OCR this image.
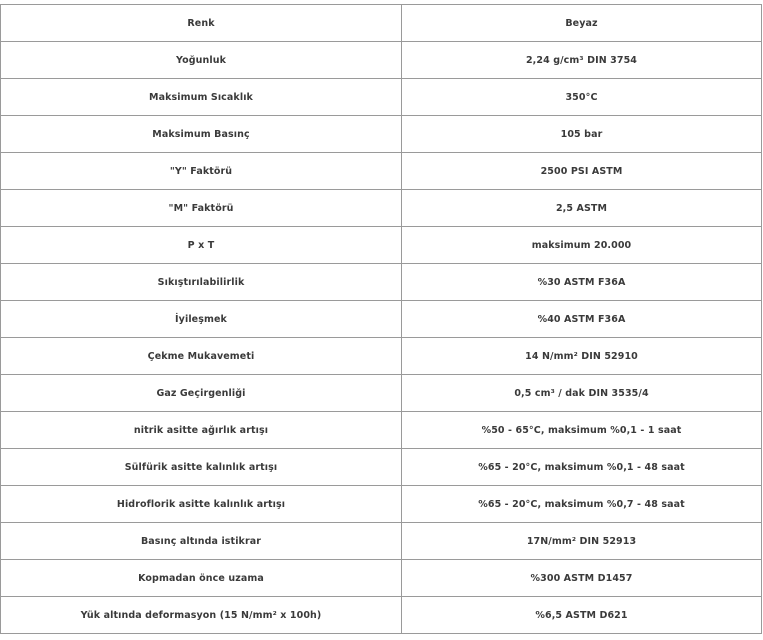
Renk	Beyaz
Yoğunluk	2,24 g/cm³ DIN 3754
Maksimum Sıcaklık	350°C
Maksimum Basınç	105 bar
"Y" Faktörü	2500 PSI ASTM
"M" Faktörü	2,5 ASTM
P x T	maksimum 20.000
Sıkıştırılabilirlik	%30 ASTM F36A
İyileşmek	%40 ASTM F36A
Çekme Mukavemeti	14 N/mm² DIN 52910
Gaz Geçirgenliği	0,5 cm³ / dak DIN 3535/4
nitrik asitte ağırlık artışı	%50 - 65°C, maksimum %0,1 - 1 saat
Sülfürik asitte kalınlık artışı	%65 - 20°C, maksimum %0,1 - 48 saat
Hidroflorik asitte kalınlık artışı	%65 - 20°C, maksimum %0,7 - 48 saat
Basınç altında istikrar	17N/mm² DIN 52913
Kopmadan önce uzama	%300 ASTM D1457
Yük altında deformasyon (15 N/mm² x 100h)	%6,5 ASTM D621
